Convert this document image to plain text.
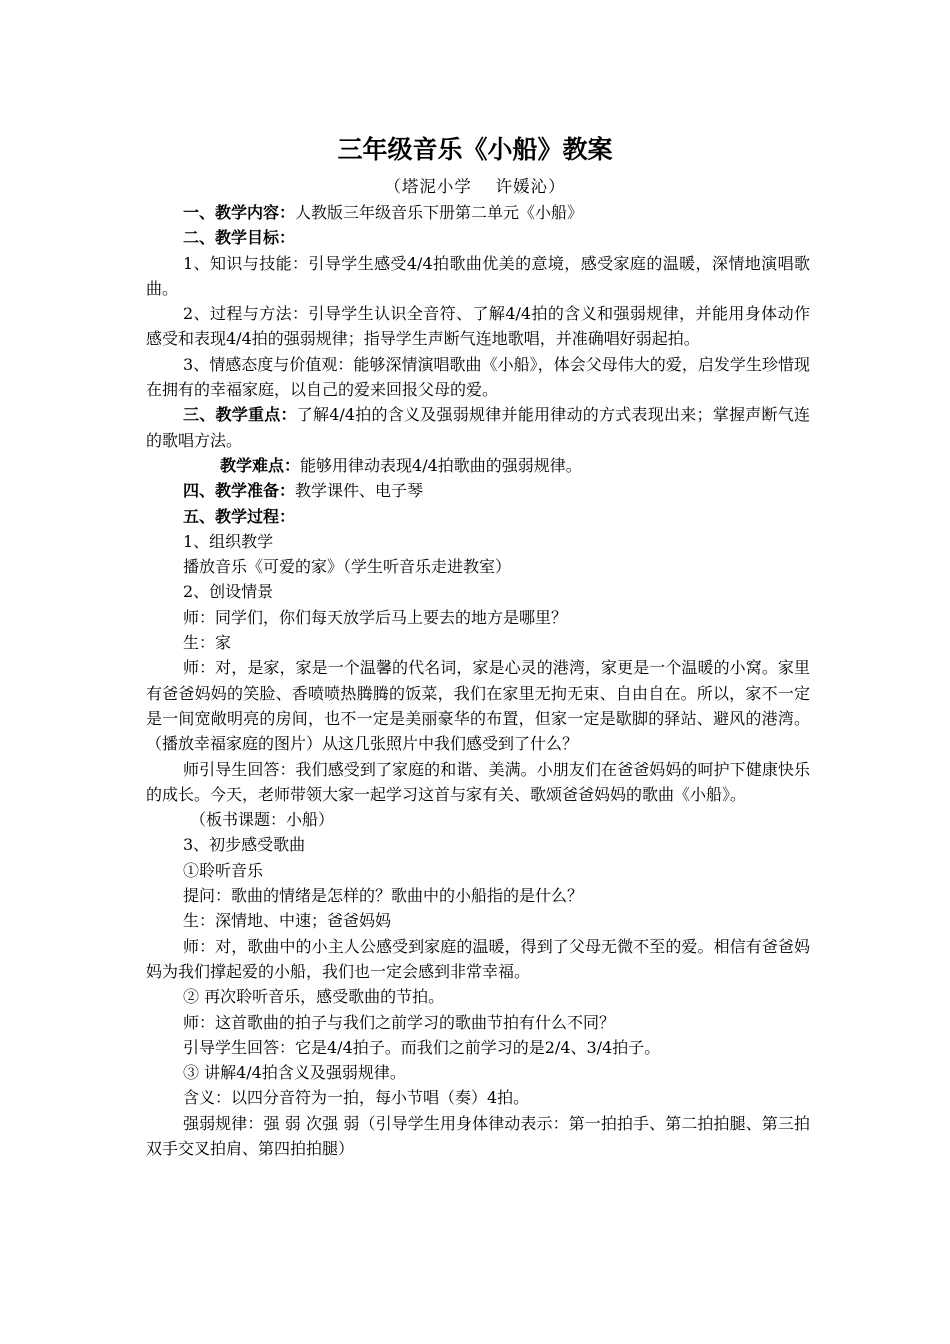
三年级音乐《小船》教案
（塔泥小学　 许媛沁）

一、教学内容：人教版三年级音乐下册第二单元《小船》

二、教学目标：

1、知识与技能：引导学生感受4/4拍歌曲优美的意境，感受家庭的温暖，深情地演唱歌曲。

2、过程与方法：引导学生认识全音符、了解4/4拍的含义和强弱规律，并能用身体动作感受和表现4/4拍的强弱规律；指导学生声断气连地歌唱，并准确唱好弱起拍。

3、情感态度与价值观：能够深情演唱歌曲《小船》，体会父母伟大的爱，启发学生珍惜现在拥有的幸福家庭，以自己的爱来回报父母的爱。

三、教学重点：了解4/4拍的含义及强弱规律并能用律动的方式表现出来；掌握声断气连的歌唱方法。

教学难点：能够用律动表现4/4拍歌曲的强弱规律。

四、教学准备：教学课件、电子琴

五、教学过程：

1、组织教学

播放音乐《可爱的家》（学生听音乐走进教室）

2、创设情景

师：同学们，你们每天放学后马上要去的地方是哪里？

生：家

师：对，是家，家是一个温馨的代名词，家是心灵的港湾，家更是一个温暖的小窝。家里有爸爸妈妈的笑脸、香喷喷热腾腾的饭菜，我们在家里无拘无束、自由自在。所以，家不一定是一间宽敞明亮的房间，也不一定是美丽豪华的布置，但家一定是歇脚的驿站、避风的港湾。（播放幸福家庭的图片）从这几张照片中我们感受到了什么？

师引导生回答：我们感受到了家庭的和谐、美满。小朋友们在爸爸妈妈的呵护下健康快乐的成长。今天，老师带领大家一起学习这首与家有关、歌颂爸爸妈妈的歌曲《小船》。

（板书课题：小船）

3、初步感受歌曲

①聆听音乐

提问：歌曲的情绪是怎样的？歌曲中的小船指的是什么？

生：深情地、中速；爸爸妈妈

师：对，歌曲中的小主人公感受到家庭的温暖，得到了父母无微不至的爱。相信有爸爸妈妈为我们撑起爱的小船，我们也一定会感到非常幸福。

② 再次聆听音乐，感受歌曲的节拍。

师：这首歌曲的拍子与我们之前学习的歌曲节拍有什么不同？

引导学生回答：它是4/4拍子。而我们之前学习的是2/4、3/4拍子。

③ 讲解4/4拍含义及强弱规律。

含义：以四分音符为一拍，每小节唱（奏）4拍。

强弱规律：强 弱 次强 弱（引导学生用身体律动表示：第一拍拍手、第二拍拍腿、第三拍双手交叉拍肩、第四拍拍腿）
